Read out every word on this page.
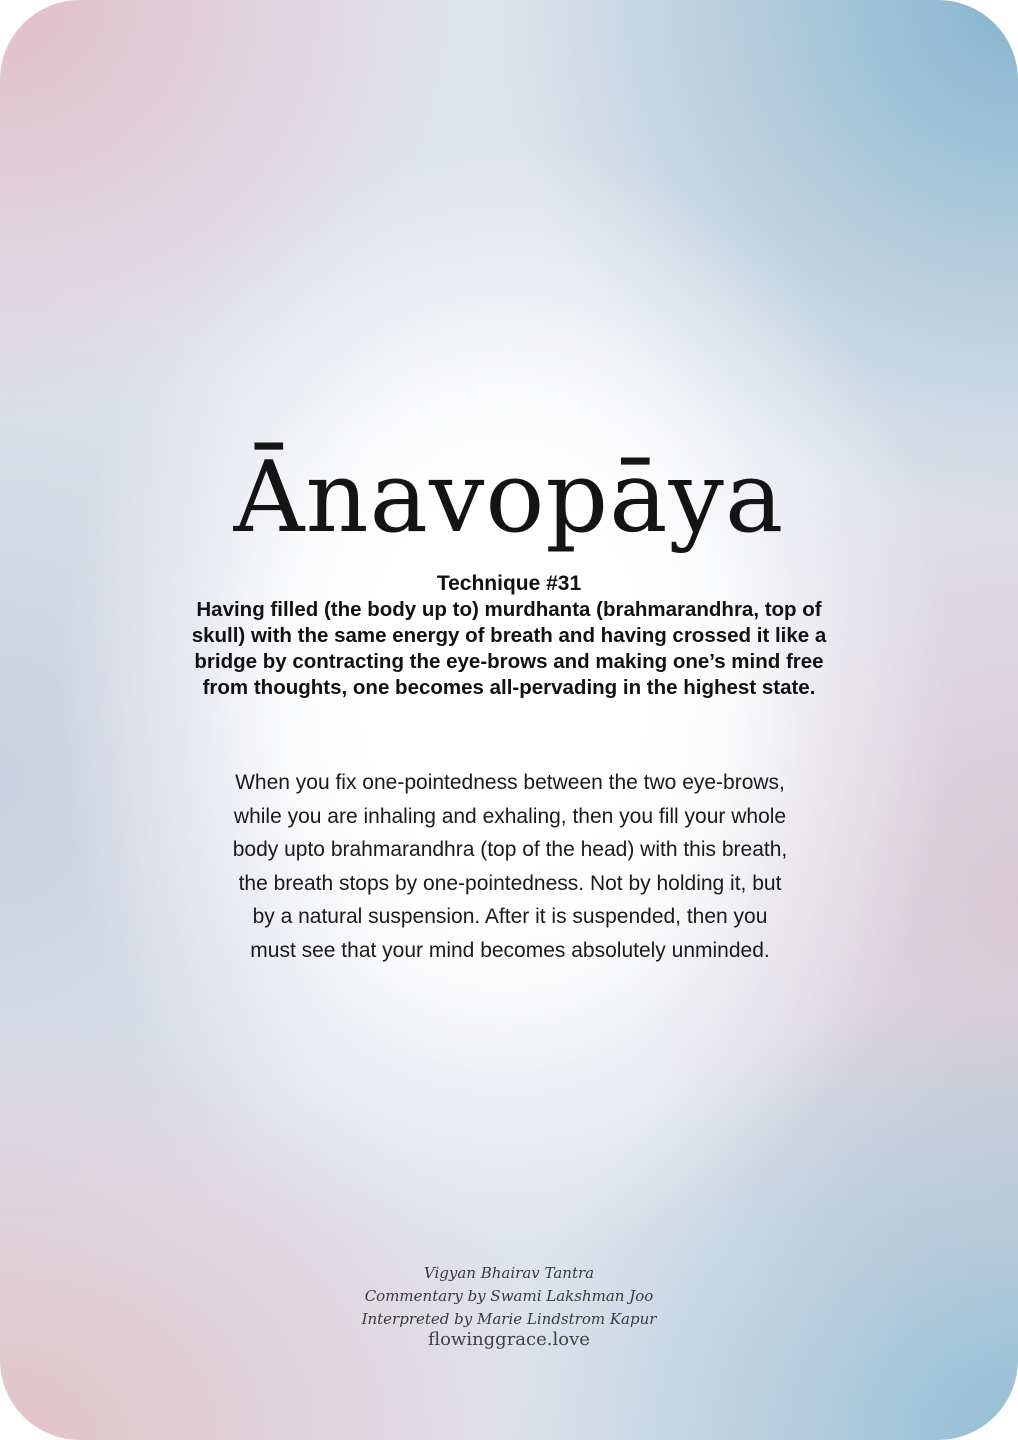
Ānavopāya
Technique #31
Having filled (the body up to) murdhanta (brahmarandhra, top of skull) with the same energy of breath and having crossed it like a bridge by contracting the eye-brows and making one’s mind free from thoughts, one becomes all-pervading in the highest state.
When you fix one-pointedness between the two eye-brows, while you are inhaling and exhaling, then you fill your whole body upto brahmarandhra (top of the head) with this breath, the breath stops by one-pointedness. Not by holding it, but by a natural suspension. After it is suspended, then you must see that your mind becomes absolutely unminded.
Vigyan Bhairav Tantra
Commentary by Swami Lakshman Joo
Interpreted by Marie Lindstrom Kapur
flowinggrace.love
